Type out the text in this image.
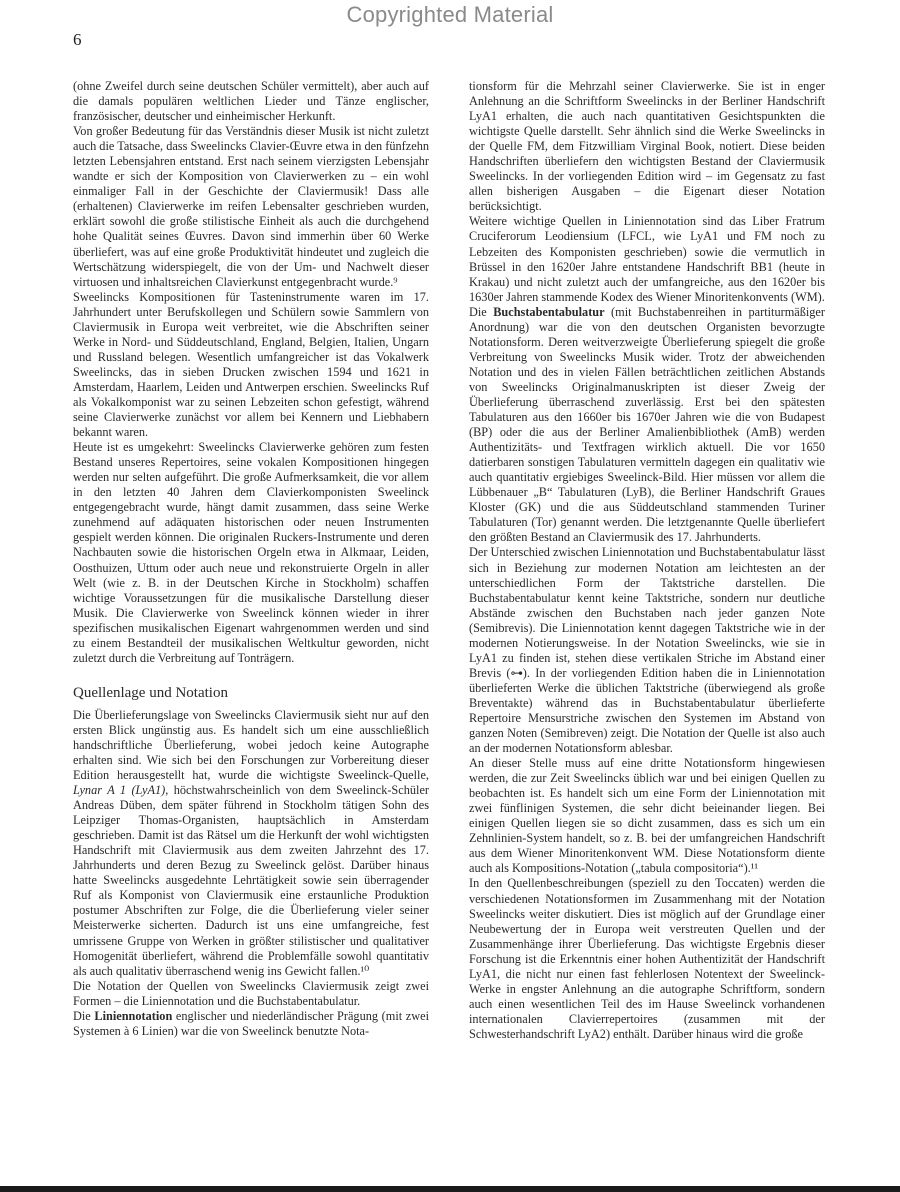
Copyrighted Material
6

(ohne Zweifel durch seine deutschen Schüler vermittelt), aber auch auf die damals populären weltlichen Lieder und Tänze englischer, französischer, deutscher und einheimischer Herkunft.

Von großer Bedeutung für das Verständnis dieser Musik ist nicht zuletzt auch die Tatsache, dass Sweelincks Clavier-Œuvre etwa in den fünfzehn letzten Lebensjahren entstand. Erst nach seinem vierzigsten Lebensjahr wandte er sich der Komposition von Clavierwerken zu – ein wohl einmaliger Fall in der Geschichte der Claviermusik! Dass alle (erhaltenen) Clavierwerke im reifen Lebensalter geschrieben wurden, erklärt sowohl die große stilistische Einheit als auch die durchgehend hohe Qualität seines Œuvres. Davon sind immerhin über 60 Werke überliefert, was auf eine große Produktivität hindeutet und zugleich die Wertschätzung widerspiegelt, die von der Um- und Nachwelt dieser virtuosen und inhaltsreichen Clavierkunst entgegenbracht wurde.⁹

Sweelincks Kompositionen für Tasteninstrumente waren im 17. Jahrhundert unter Berufskollegen und Schülern sowie Sammlern von Claviermusik in Europa weit verbreitet, wie die Abschriften seiner Werke in Nord- und Süddeutschland, England, Belgien, Italien, Ungarn und Russland belegen. Wesentlich umfangreicher ist das Vokalwerk Sweelincks, das in sieben Drucken zwischen 1594 und 1621 in Amsterdam, Haarlem, Leiden und Antwerpen erschien. Sweelincks Ruf als Vokalkomponist war zu seinen Lebzeiten schon gefestigt, während seine Clavierwerke zunächst vor allem bei Kennern und Liebhabern bekannt waren.

Heute ist es umgekehrt: Sweelincks Clavierwerke gehören zum festen Bestand unseres Repertoires, seine vokalen Kompositionen hingegen werden nur selten aufgeführt. Die große Aufmerksamkeit, die vor allem in den letzten 40 Jahren dem Clavierkomponisten Sweelinck entgegengebracht wurde, hängt damit zusammen, dass seine Werke zunehmend auf adäquaten historischen oder neuen Instrumenten gespielt werden können. Die originalen Ruckers-Instrumente und deren Nachbauten sowie die historischen Orgeln etwa in Alkmaar, Leiden, Oosthuizen, Uttum oder auch neue und rekonstruierte Orgeln in aller Welt (wie z. B. in der Deutschen Kirche in Stockholm) schaffen wichtige Voraussetzungen für die musikalische Darstellung dieser Musik. Die Clavierwerke von Sweelinck können wieder in ihrer spezifischen musikalischen Eigenart wahrgenommen werden und sind zu einem Bestandteil der musikalischen Weltkultur geworden, nicht zuletzt durch die Verbreitung auf Tonträgern.

Quellenlage und Notation

Die Überlieferungslage von Sweelincks Claviermusik sieht nur auf den ersten Blick ungünstig aus. Es handelt sich um eine ausschließlich handschriftliche Überlieferung, wobei jedoch keine Autographe erhalten sind. Wie sich bei den Forschungen zur Vorbereitung dieser Edition herausgestellt hat, wurde die wichtigste Sweelinck-Quelle, Lynar A 1 (LyA1), höchstwahrscheinlich von dem Sweelinck-Schüler Andreas Düben, dem später führend in Stockholm tätigen Sohn des Leipziger Thomas-Organisten, hauptsächlich in Amsterdam geschrieben. Damit ist das Rätsel um die Herkunft der wohl wichtigsten Handschrift mit Claviermusik aus dem zweiten Jahrzehnt des 17. Jahrhunderts und deren Bezug zu Sweelinck gelöst. Darüber hinaus hatte Sweelincks ausgedehnte Lehrtätigkeit sowie sein überragender Ruf als Komponist von Claviermusik eine erstaunliche Produktion postumer Abschriften zur Folge, die die Überlieferung vieler seiner Meisterwerke sicherten. Dadurch ist uns eine umfangreiche, fest umrissene Gruppe von Werken in größter stilistischer und qualitativer Homogenität überliefert, während die Problemfälle sowohl quantitativ als auch qualitativ überraschend wenig ins Gewicht fallen.¹⁰

Die Notation der Quellen von Sweelincks Claviermusik zeigt zwei Formen – die Liniennotation und die Buchstabentabulatur.

Die Liniennotation englischer und niederländischer Prägung (mit zwei Systemen à 6 Linien) war die von Sweelinck benutzte Nota-

tionsform für die Mehrzahl seiner Clavierwerke. Sie ist in enger Anlehnung an die Schriftform Sweelincks in der Berliner Handschrift LyA1 erhalten, die auch nach quantitativen Gesichtspunkten die wichtigste Quelle darstellt. Sehr ähnlich sind die Werke Sweelincks in der Quelle FM, dem Fitzwilliam Virginal Book, notiert. Diese beiden Handschriften überliefern den wichtigsten Bestand der Claviermusik Sweelincks. In der vorliegenden Edition wird – im Gegensatz zu fast allen bisherigen Ausgaben – die Eigenart dieser Notation berücksichtigt.

Weitere wichtige Quellen in Liniennotation sind das Liber Fratrum Cruciferorum Leodiensium (LFCL, wie LyA1 und FM noch zu Lebzeiten des Komponisten geschrieben) sowie die vermutlich in Brüssel in den 1620er Jahre entstandene Handschrift BB1 (heute in Krakau) und nicht zuletzt auch der umfangreiche, aus den 1620er bis 1630er Jahren stammende Kodex des Wiener Minoritenkonvents (WM).

Die Buchstabentabulatur (mit Buchstabenreihen in partiturmäßiger Anordnung) war die von den deutschen Organisten bevorzugte Notationsform. Deren weitverzweigte Überlieferung spiegelt die große Verbreitung von Sweelincks Musik wider. Trotz der abweichenden Notation und des in vielen Fällen beträchtlichen zeitlichen Abstands von Sweelincks Originalmanuskripten ist dieser Zweig der Überlieferung überraschend zuverlässig. Erst bei den spätesten Tabulaturen aus den 1660er bis 1670er Jahren wie die von Budapest (BP) oder die aus der Berliner Amalienbibliothek (AmB) werden Authentizitäts- und Textfragen wirklich aktuell. Die vor 1650 datierbaren sonstigen Tabulaturen vermitteln dagegen ein qualitativ wie auch quantitativ ergiebiges Sweelinck-Bild. Hier müssen vor allem die Lübbenauer „B“ Tabulaturen (LyB), die Berliner Handschrift Graues Kloster (GK) und die aus Süddeutschland stammenden Turiner Tabulaturen (Tor) genannt werden. Die letztgenannte Quelle überliefert den größten Bestand an Claviermusik des 17. Jahrhunderts.

Der Unterschied zwischen Liniennotation und Buchstabentabulatur lässt sich in Beziehung zur modernen Notation am leichtesten an der unterschiedlichen Form der Taktstriche darstellen. Die Buchstabentabulatur kennt keine Taktstriche, sondern nur deutliche Abstände zwischen den Buchstaben nach jeder ganzen Note (Semibrevis). Die Liniennotation kennt dagegen Taktstriche wie in der modernen Notierungsweise. In der Notation Sweelincks, wie sie in LyA1 zu finden ist, stehen diese vertikalen Striche im Abstand einer Brevis (⊶). In der vorliegenden Edition haben die in Liniennotation überlieferten Werke die üblichen Taktstriche (überwiegend als große Breventakte) während das in Buchstabentabulatur überlieferte Repertoire Mensurstriche zwischen den Systemen im Abstand von ganzen Noten (Semibreven) zeigt. Die Notation der Quelle ist also auch an der modernen Notationsform ablesbar.

An dieser Stelle muss auf eine dritte Notationsform hingewiesen werden, die zur Zeit Sweelincks üblich war und bei einigen Quellen zu beobachten ist. Es handelt sich um eine Form der Liniennotation mit zwei fünflinigen Systemen, die sehr dicht beieinander liegen. Bei einigen Quellen liegen sie so dicht zusammen, dass es sich um ein Zehnlinien-System handelt, so z. B. bei der umfangreichen Handschrift aus dem Wiener Minoritenkonvent WM. Diese Notationsform diente auch als Kompositions-Notation („tabula compositoria“).¹¹

In den Quellenbeschreibungen (speziell zu den Toccaten) werden die verschiedenen Notationsformen im Zusammenhang mit der Notation Sweelincks weiter diskutiert. Dies ist möglich auf der Grundlage einer Neubewertung der in Europa weit verstreuten Quellen und der Zusammenhänge ihrer Überlieferung. Das wichtigste Ergebnis dieser Forschung ist die Erkenntnis einer hohen Authentizität der Handschrift LyA1, die nicht nur einen fast fehlerlosen Notentext der Sweelinck-Werke in engster Anlehnung an die autographe Schriftform, sondern auch einen wesentlichen Teil des im Hause Sweelinck vorhandenen internationalen Clavierrepertoires (zusammen mit der Schwesterhandschrift LyA2) enthält. Darüber hinaus wird die große
